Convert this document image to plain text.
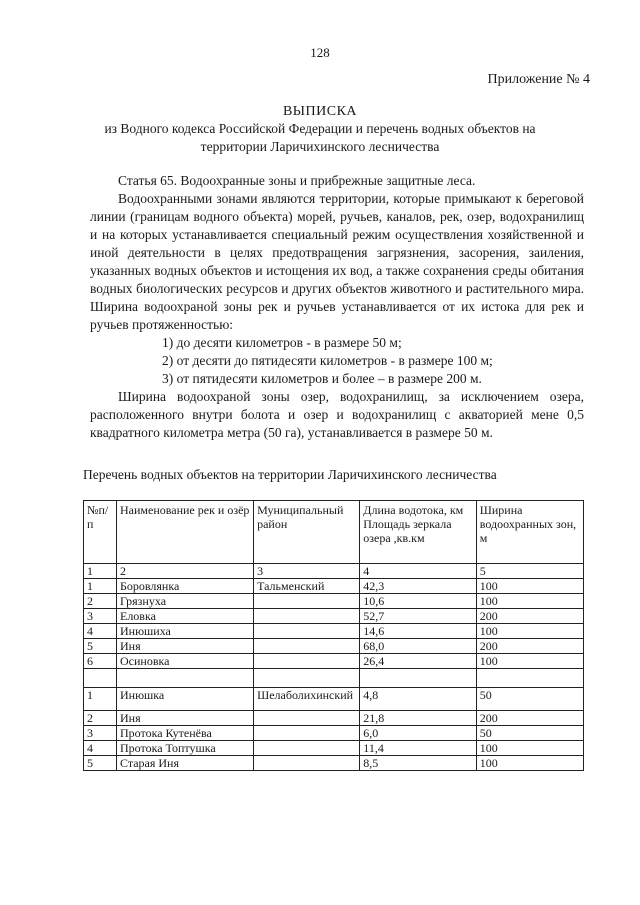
128
Приложение № 4
ВЫПИСКА
из Водного кодекса Российской Федерации и перечень водных объектов на территории Ларичихинского лесничества

Статья 65. Водоохранные зоны и прибрежные защитные леса.

Водоохранными зонами являются территории, которые примыкают к береговой линии (границам водного объекта) морей, ручьев, каналов, рек, озер, водохранилищ и на которых устанавливается специальный режим осуществления хозяйственной и иной деятельности в целях предотвращения загрязнения, засорения, заиления, указанных водных объектов и истощения их вод, а также сохранения среды обитания водных биологических ресурсов и других объектов животного и растительного мира. Ширина водоохраной зоны рек и ручьев устанавливается от их истока для рек и ручьев протяженностью:

1) до десяти километров - в размере 50 м;

2) от десяти до пятидесяти километров - в размере 100 м;

3) от пятидесяти километров и более – в размере 200 м.

Ширина водоохраной зоны озер, водохранилищ, за исключением озера, расположенного внутри болота и озер и водохранилищ с акваторией мене 0,5 квадратного километра метра (50 га), устанавливается в размере 50 м.

Перечень водных объектов на территории Ларичихинского лесничества
№п/п	Наименование рек и озёр	Муниципальный район	Длина водотока, км Площадь зеркала озера ,кв.км	Ширина водоохранных зон, м
1	2	3	4	5
1	Боровлянка	Тальменский	42,3	100
2	Грязнуха		10,6	100
3	Еловка		52,7	200
4	Инюшиха		14,6	100
5	Иня		68,0	200
6	Осиновка		26,4	100

1	Инюшка	Шелаболихинский	4,8	50
2	Иня		21,8	200
3	Протока Кутенёва		6,0	50
4	Протока Топтушка		11,4	100
5	Старая Иня		8,5	100
